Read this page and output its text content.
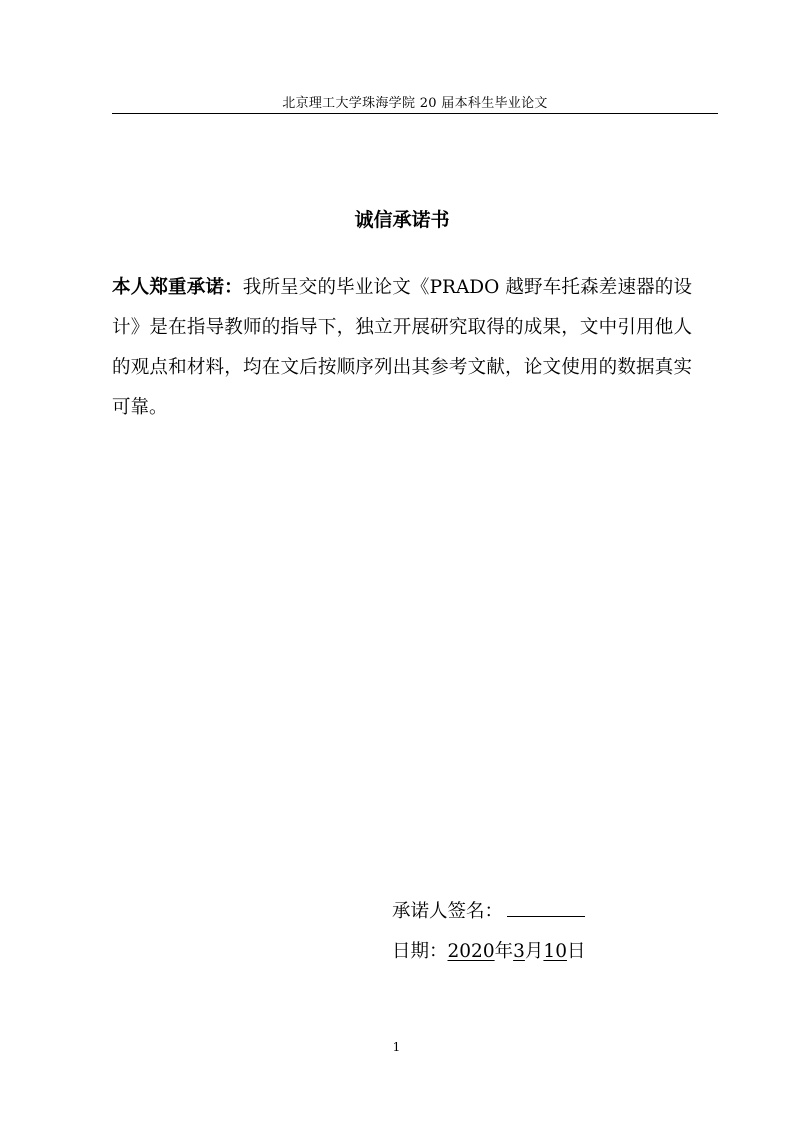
北京理工大学珠海学院 20 届本科生毕业论文
诚信承诺书

本人郑重承诺：我所呈交的毕业论文《PRADO 越野车托森差速器的设计》是在指导教师的指导下，独立开展研究取得的成果，文中引用他人的观点和材料，均在文后按顺序列出其参考文献，论文使用的数据真实可靠。

承诺人签名：
日期：2020年3月10日
1
